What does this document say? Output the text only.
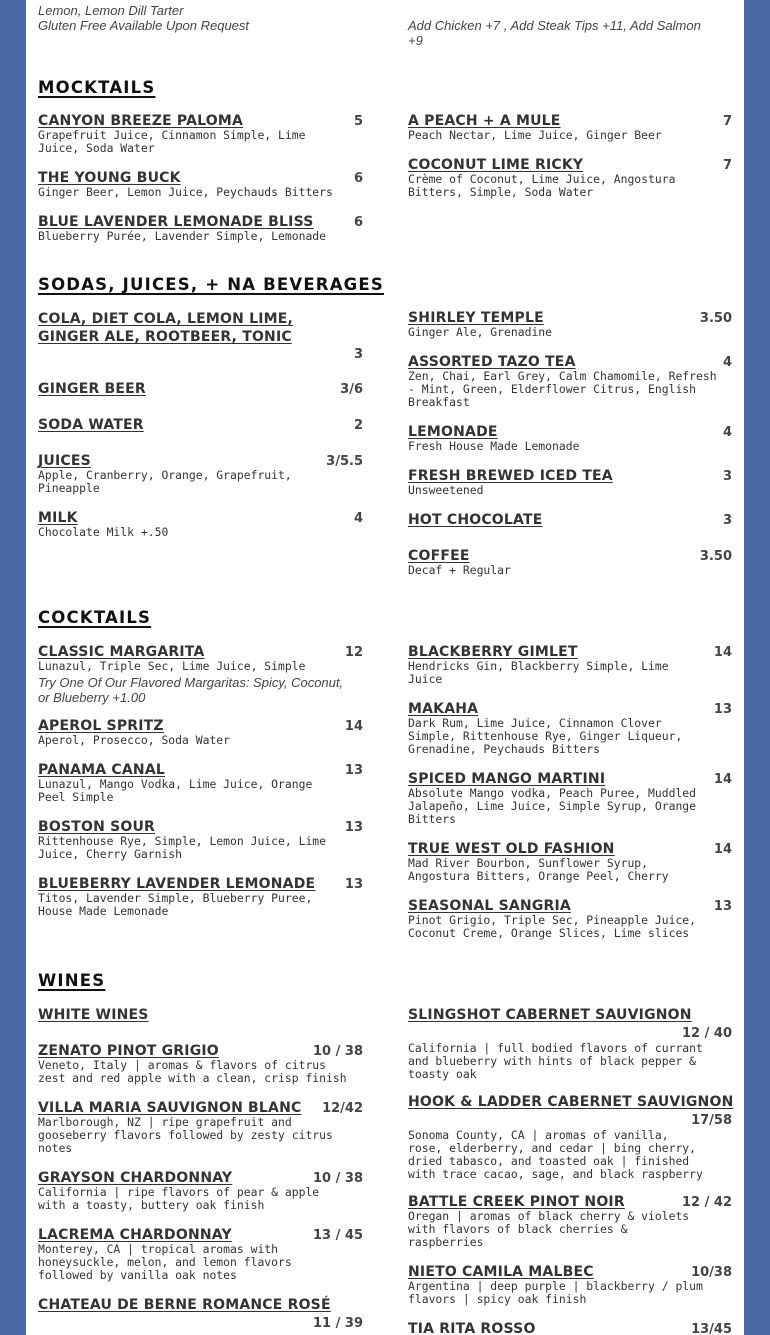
Lemon, Lemon Dill Tarter
Gluten Free Available Upon Request	Add Chicken +7 , Add Steak Tips +11, Add Salmon
+9
MOCKTAILS
CANYON BREEZE PALOMA	5
Grapefruit Juice, Cinnamon Simple, Lime Juice, Soda Water
THE YOUNG BUCK	6
Ginger Beer, Lemon Juice, Peychauds Bitters
BLUE LAVENDER LEMONADE BLISS	6
Blueberry Purée, Lavender Simple, Lemonade
A PEACH + A MULE	7
Peach Nectar, Lime Juice, Ginger Beer
COCONUT LIME RICKY	7
Crème of Coconut, Lime Juice, Angostura Bitters, Simple, Soda Water
SODAS, JUICES, + NA BEVERAGES
COLA, DIET COLA, LEMON LIME, GINGER ALE, ROOTBEER, TONIC
3
GINGER BEER	3/6
SODA WATER	2
JUICES	3/5.5
Apple, Cranberry, Orange, Grapefruit, Pineapple
MILK	4
Chocolate Milk +.50
SHIRLEY TEMPLE	3.50
Ginger Ale, Grenadine
ASSORTED TAZO TEA	4
Zen, Chai, Earl Grey, Calm Chamomile, Refresh - Mint, Green, Elderflower Citrus, English Breakfast
LEMONADE	4
Fresh House Made Lemonade
FRESH BREWED ICED TEA	3
Unsweetened
HOT CHOCOLATE	3
COFFEE	3.50
Decaf + Regular
COCKTAILS
CLASSIC MARGARITA	12
Lunazul, Triple Sec, Lime Juice, Simple
Try One Of Our Flavored Margaritas: Spicy, Coconut, or Blueberry +1.00
APEROL SPRITZ	14
Aperol, Prosecco, Soda Water
PANAMA CANAL	13
Lunazul, Mango Vodka, Lime Juice, Orange Peel Simple
BOSTON SOUR	13
Rittenhouse Rye, Simple, Lemon Juice, Lime Juice, Cherry Garnish
BLUEBERRY LAVENDER LEMONADE	13
Titos, Lavender Simple, Blueberry Puree, House Made Lemonade
BLACKBERRY GIMLET	14
Hendricks Gin, Blackberry Simple, Lime Juice
MAKAHA	13
Dark Rum, Lime Juice, Cinnamon Clover Simple, Rittenhouse Rye, Ginger Liqueur, Grenadine, Peychauds Bitters
SPICED MANGO MARTINI	14
Absolute Mango vodka, Peach Puree, Muddled Jalapeño, Lime Juice, Simple Syrup, Orange Bitters
TRUE WEST OLD FASHION	14
Mad River Bourbon, Sunflower Syrup, Angostura Bitters, Orange Peel, Cherry
SEASONAL SANGRIA	13
Pinot Grigio, Triple Sec, Pineapple Juice, Coconut Creme, Orange Slices, Lime slices
WINES
WHITE WINES
ZENATO PINOT GRIGIO	10 / 38
Veneto, Italy | aromas & flavors of citrus zest and red apple with a clean, crisp finish
VILLA MARIA SAUVIGNON BLANC	12/42
Marlborough, NZ | ripe grapefruit and gooseberry flavors followed by zesty citrus notes
GRAYSON CHARDONNAY	10 / 38
California | ripe flavors of pear & apple with a toasty, buttery oak finish
LACREMA CHARDONNAY	13 / 45
Monterey, CA | tropical aromas with honeysuckle, melon, and lemon flavors followed by vanilla oak notes
CHATEAU DE BERNE ROMANCE ROSÉ
11 / 39
SLINGSHOT CABERNET SAUVIGNON
12 / 40
California | full bodied flavors of currant and blueberry with hints of black pepper & toasty oak
HOOK & LADDER CABERNET SAUVIGNON
17/58
Sonoma County, CA | aromas of vanilla, rose, elderberry, and cedar | bing cherry, dried tabasco, and toasted oak | finished with trace cacao, sage, and black raspberry
BATTLE CREEK PINOT NOIR	12 / 42
Oregan | aromas of black cherry & violets with flavors of black cherries & raspberries
NIETO CAMILA MALBEC	10/38
Argentina | deep purple | blackberry / plum flavors | spicy oak finish
TIA RITA ROSSO	13/45
